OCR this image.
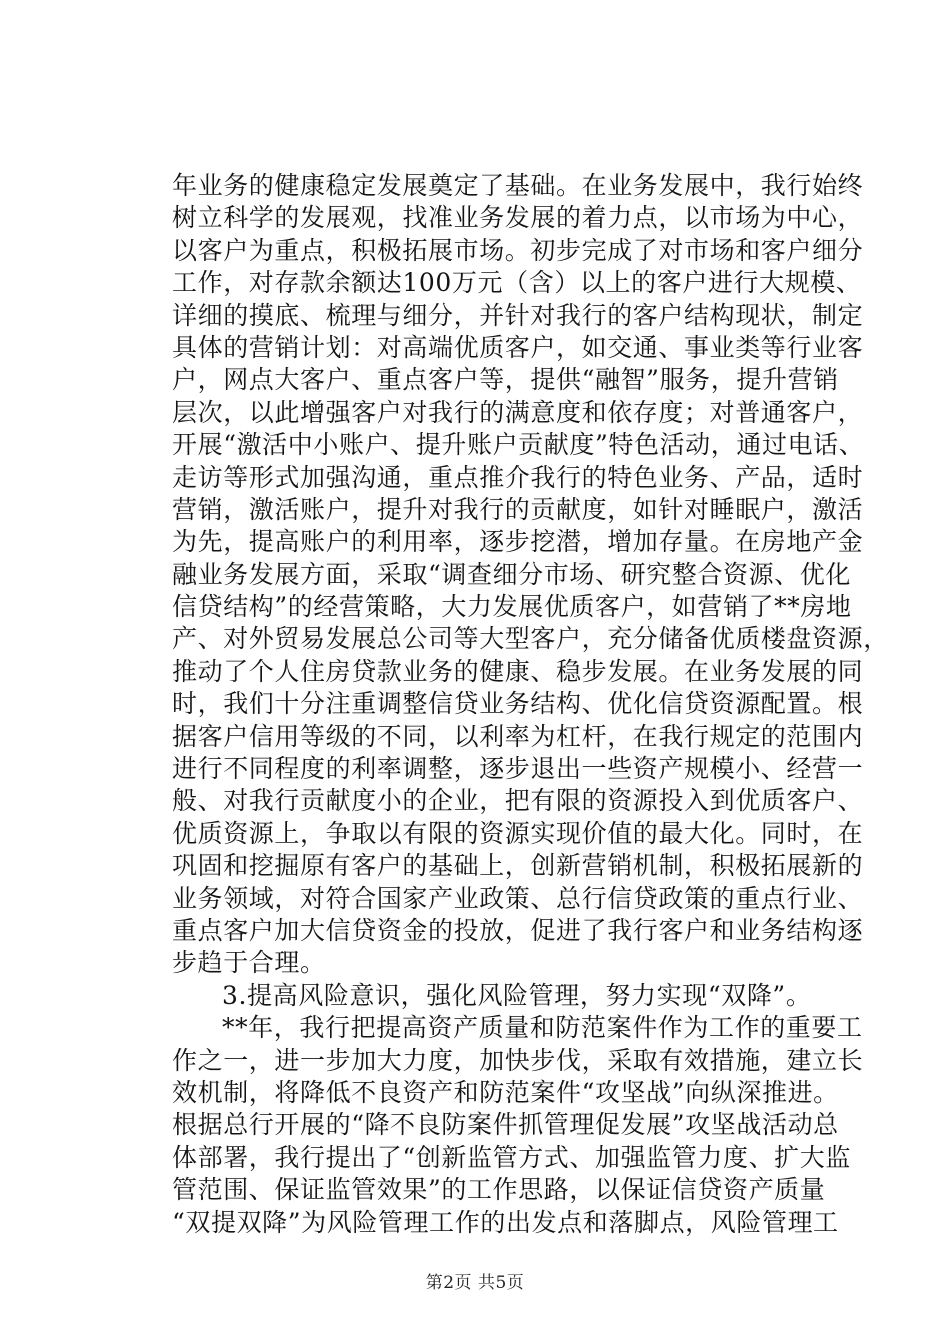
年业务的健康稳定发展奠定了基础。在业务发展中，我行始终
树立科学的发展观，找准业务发展的着力点，以市场为中心，
以客户为重点，积极拓展市场。初步完成了对市场和客户细分
工作，对存款余额达100万元（含）以上的客户进行大规模、
详细的摸底、梳理与细分，并针对我行的客户结构现状，制定
具体的营销计划：对高端优质客户，如交通、事业类等行业客
户，网点大客户、重点客户等，提供“融智”服务，提升营销
层次，以此增强客户对我行的满意度和依存度；对普通客户，
开展“激活中小账户、提升账户贡献度”特色活动，通过电话、
走访等形式加强沟通，重点推介我行的特色业务、产品，适时
营销，激活账户，提升对我行的贡献度，如针对睡眠户，激活
为先，提高账户的利用率，逐步挖潜，增加存量。在房地产金
融业务发展方面，采取“调查细分市场、研究整合资源、优化
信贷结构”的经营策略，大力发展优质客户，如营销了**房地
产、对外贸易发展总公司等大型客户，充分储备优质楼盘资源，
推动了个人住房贷款业务的健康、稳步发展。在业务发展的同
时，我们十分注重调整信贷业务结构、优化信贷资源配置。根
据客户信用等级的不同，以利率为杠杆，在我行规定的范围内
进行不同程度的利率调整，逐步退出一些资产规模小、经营一
般、对我行贡献度小的企业，把有限的资源投入到优质客户、
优质资源上，争取以有限的资源实现价值的最大化。同时，在
巩固和挖掘原有客户的基础上，创新营销机制，积极拓展新的
业务领域，对符合国家产业政策、总行信贷政策的重点行业、
重点客户加大信贷资金的投放，促进了我行客户和业务结构逐
步趋于合理。
3.提高风险意识，强化风险管理，努力实现“双降”。
**年，我行把提高资产质量和防范案件作为工作的重要工
作之一，进一步加大力度，加快步伐，采取有效措施，建立长
效机制，将降低不良资产和防范案件“攻坚战”向纵深推进。
根据总行开展的“降不良防案件抓管理促发展”攻坚战活动总
体部署，我行提出了“创新监管方式、加强监管力度、扩大监
管范围、保证监管效果”的工作思路，以保证信贷资产质量
“双提双降”为风险管理工作的出发点和落脚点，风险管理工
第2页 共5页
